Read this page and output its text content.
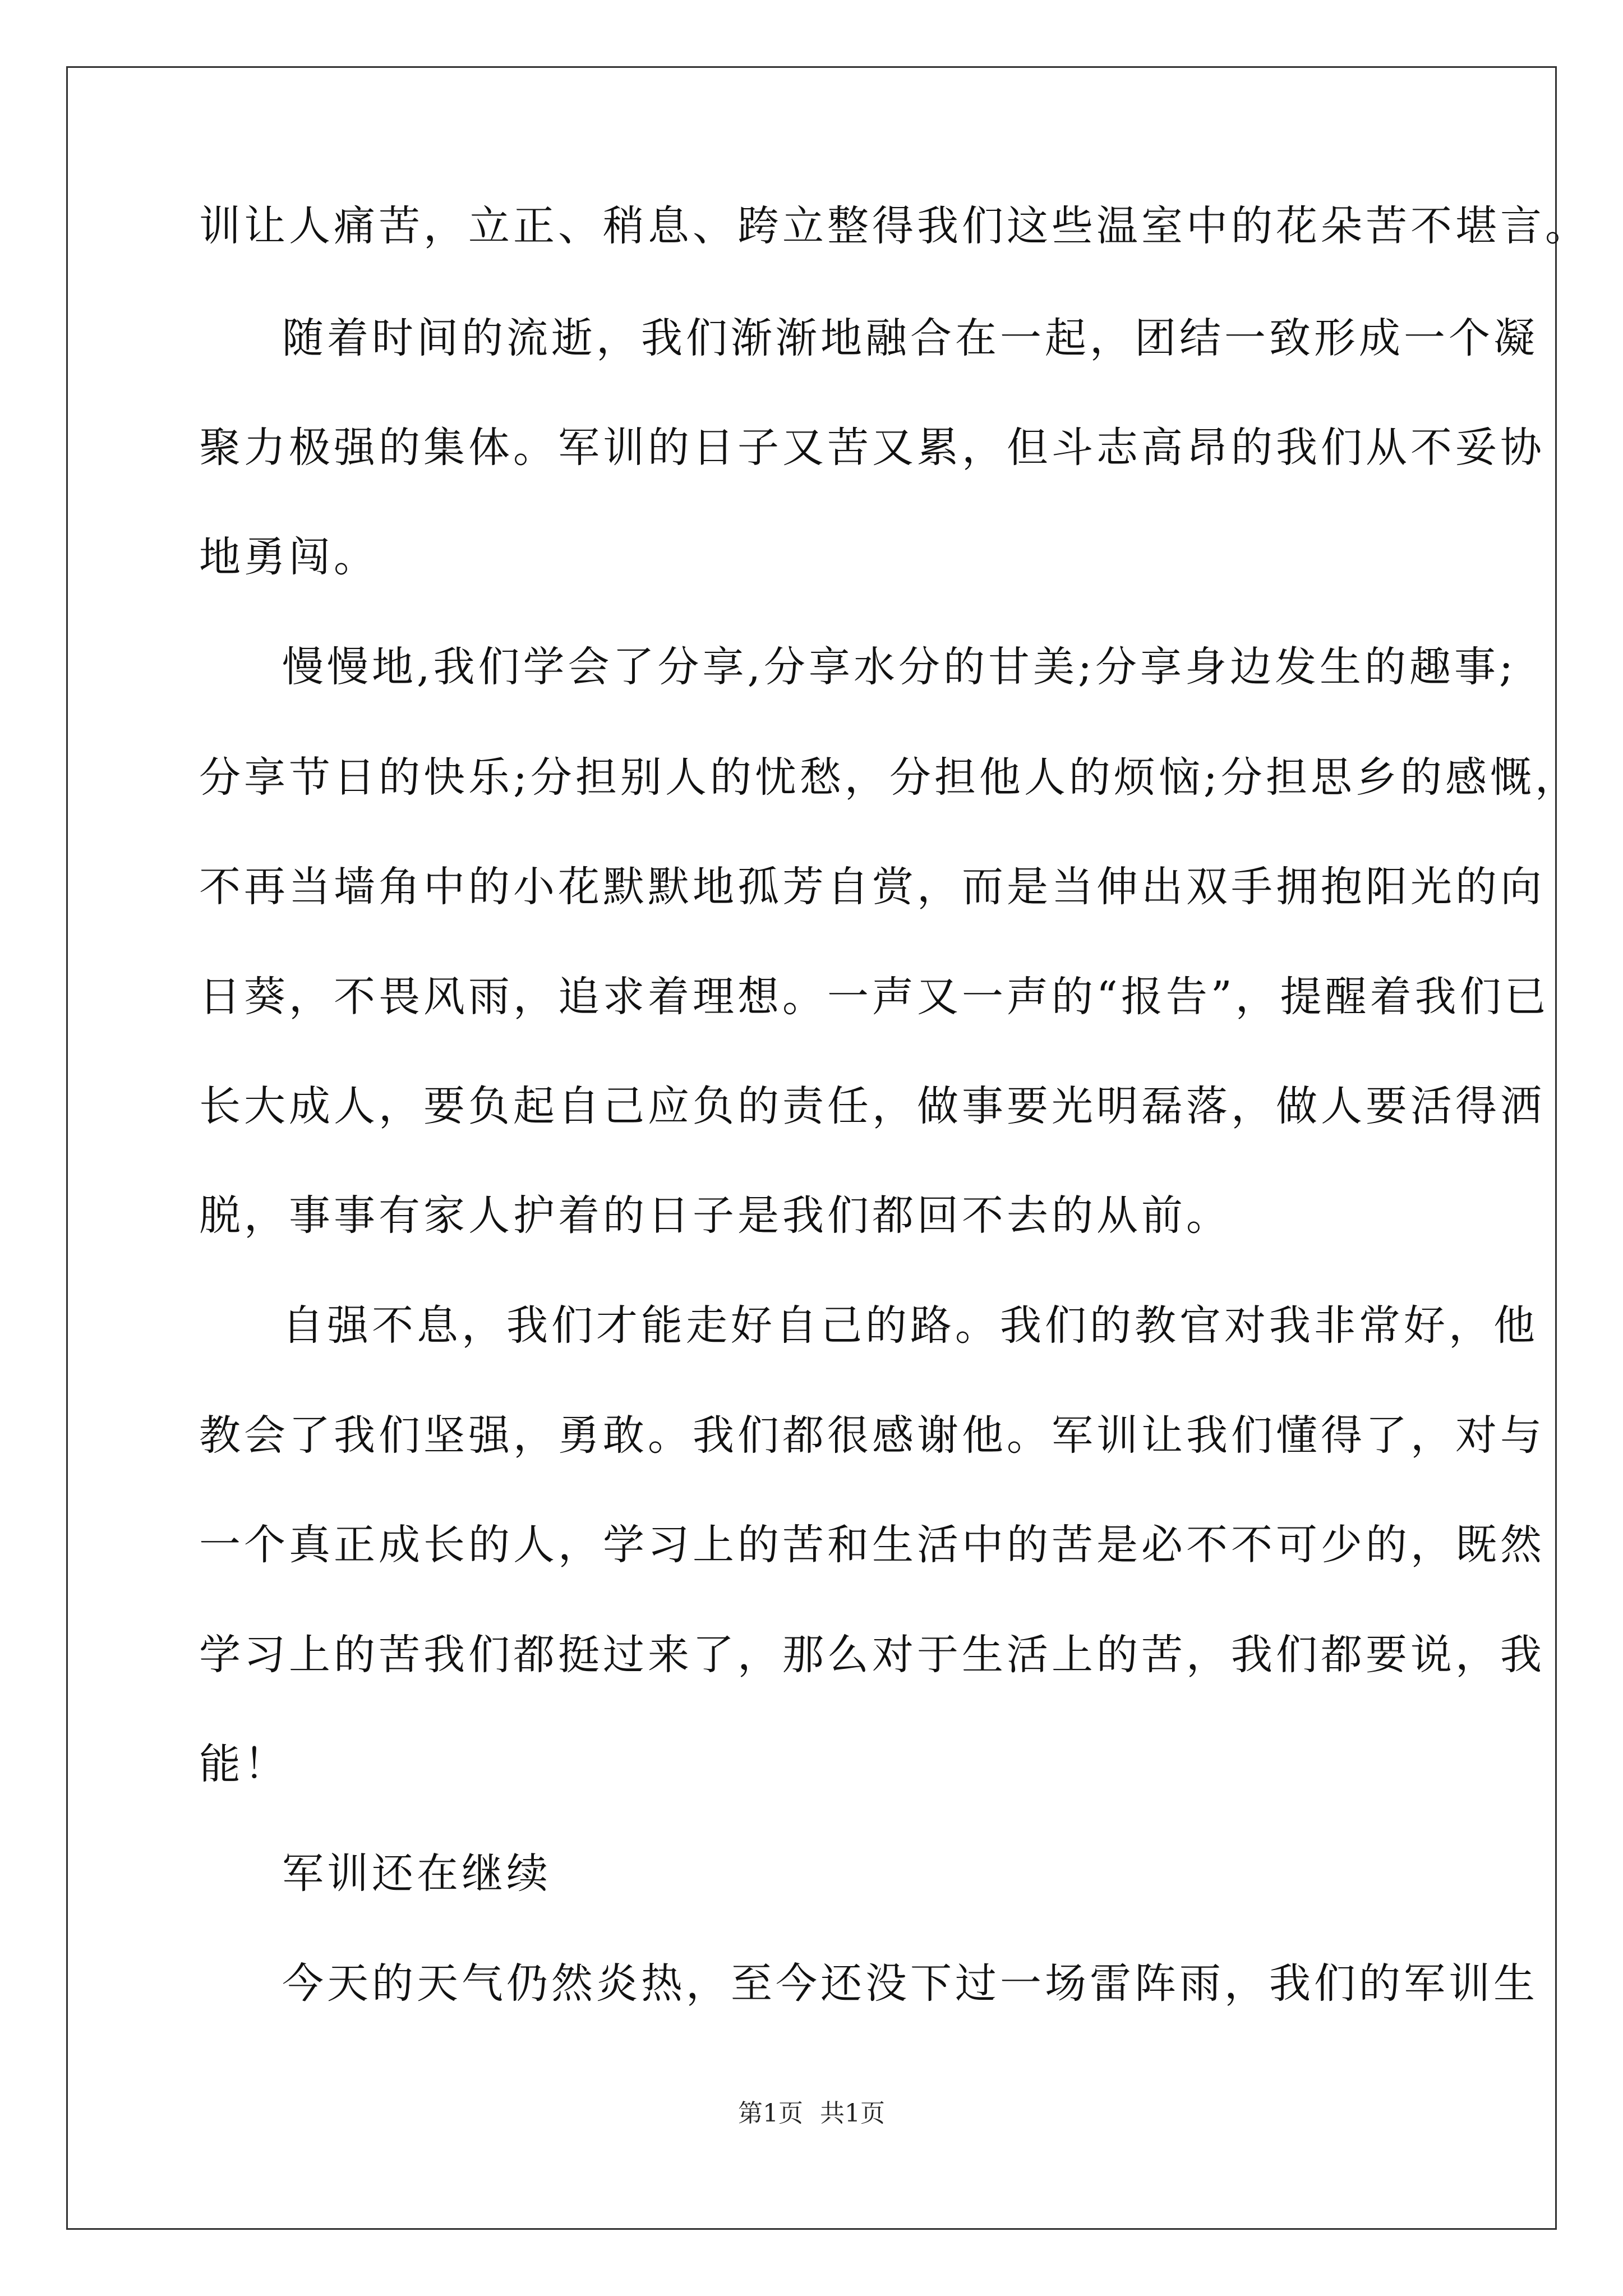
训让人痛苦，立正、稍息、跨立整得我们这些温室中的花朵苦不堪言。
随着时间的流逝，我们渐渐地融合在一起，团结一致形成一个凝
聚力极强的集体。军训的日子又苦又累，但斗志高昂的我们从不妥协
地勇闯。
慢慢地,我们学会了分享,分享水分的甘美;分享身边发生的趣事;
分享节日的快乐;分担别人的忧愁，分担他人的烦恼;分担思乡的感慨，
不再当墙角中的小花默默地孤芳自赏，而是当伸出双手拥抱阳光的向
日葵，不畏风雨，追求着理想。一声又一声的“报告”，提醒着我们已
长大成人，要负起自己应负的责任，做事要光明磊落，做人要活得洒
脱，事事有家人护着的日子是我们都回不去的从前。
自强不息，我们才能走好自己的路。我们的教官对我非常好，他
教会了我们坚强，勇敢。我们都很感谢他。军训让我们懂得了，对与
一个真正成长的人，学习上的苦和生活中的苦是必不不可少的，既然
学习上的苦我们都挺过来了，那么对于生活上的苦，我们都要说，我
能！
军训还在继续
今天的天气仍然炎热，至今还没下过一场雷阵雨，我们的军训生
第1页 共1页
